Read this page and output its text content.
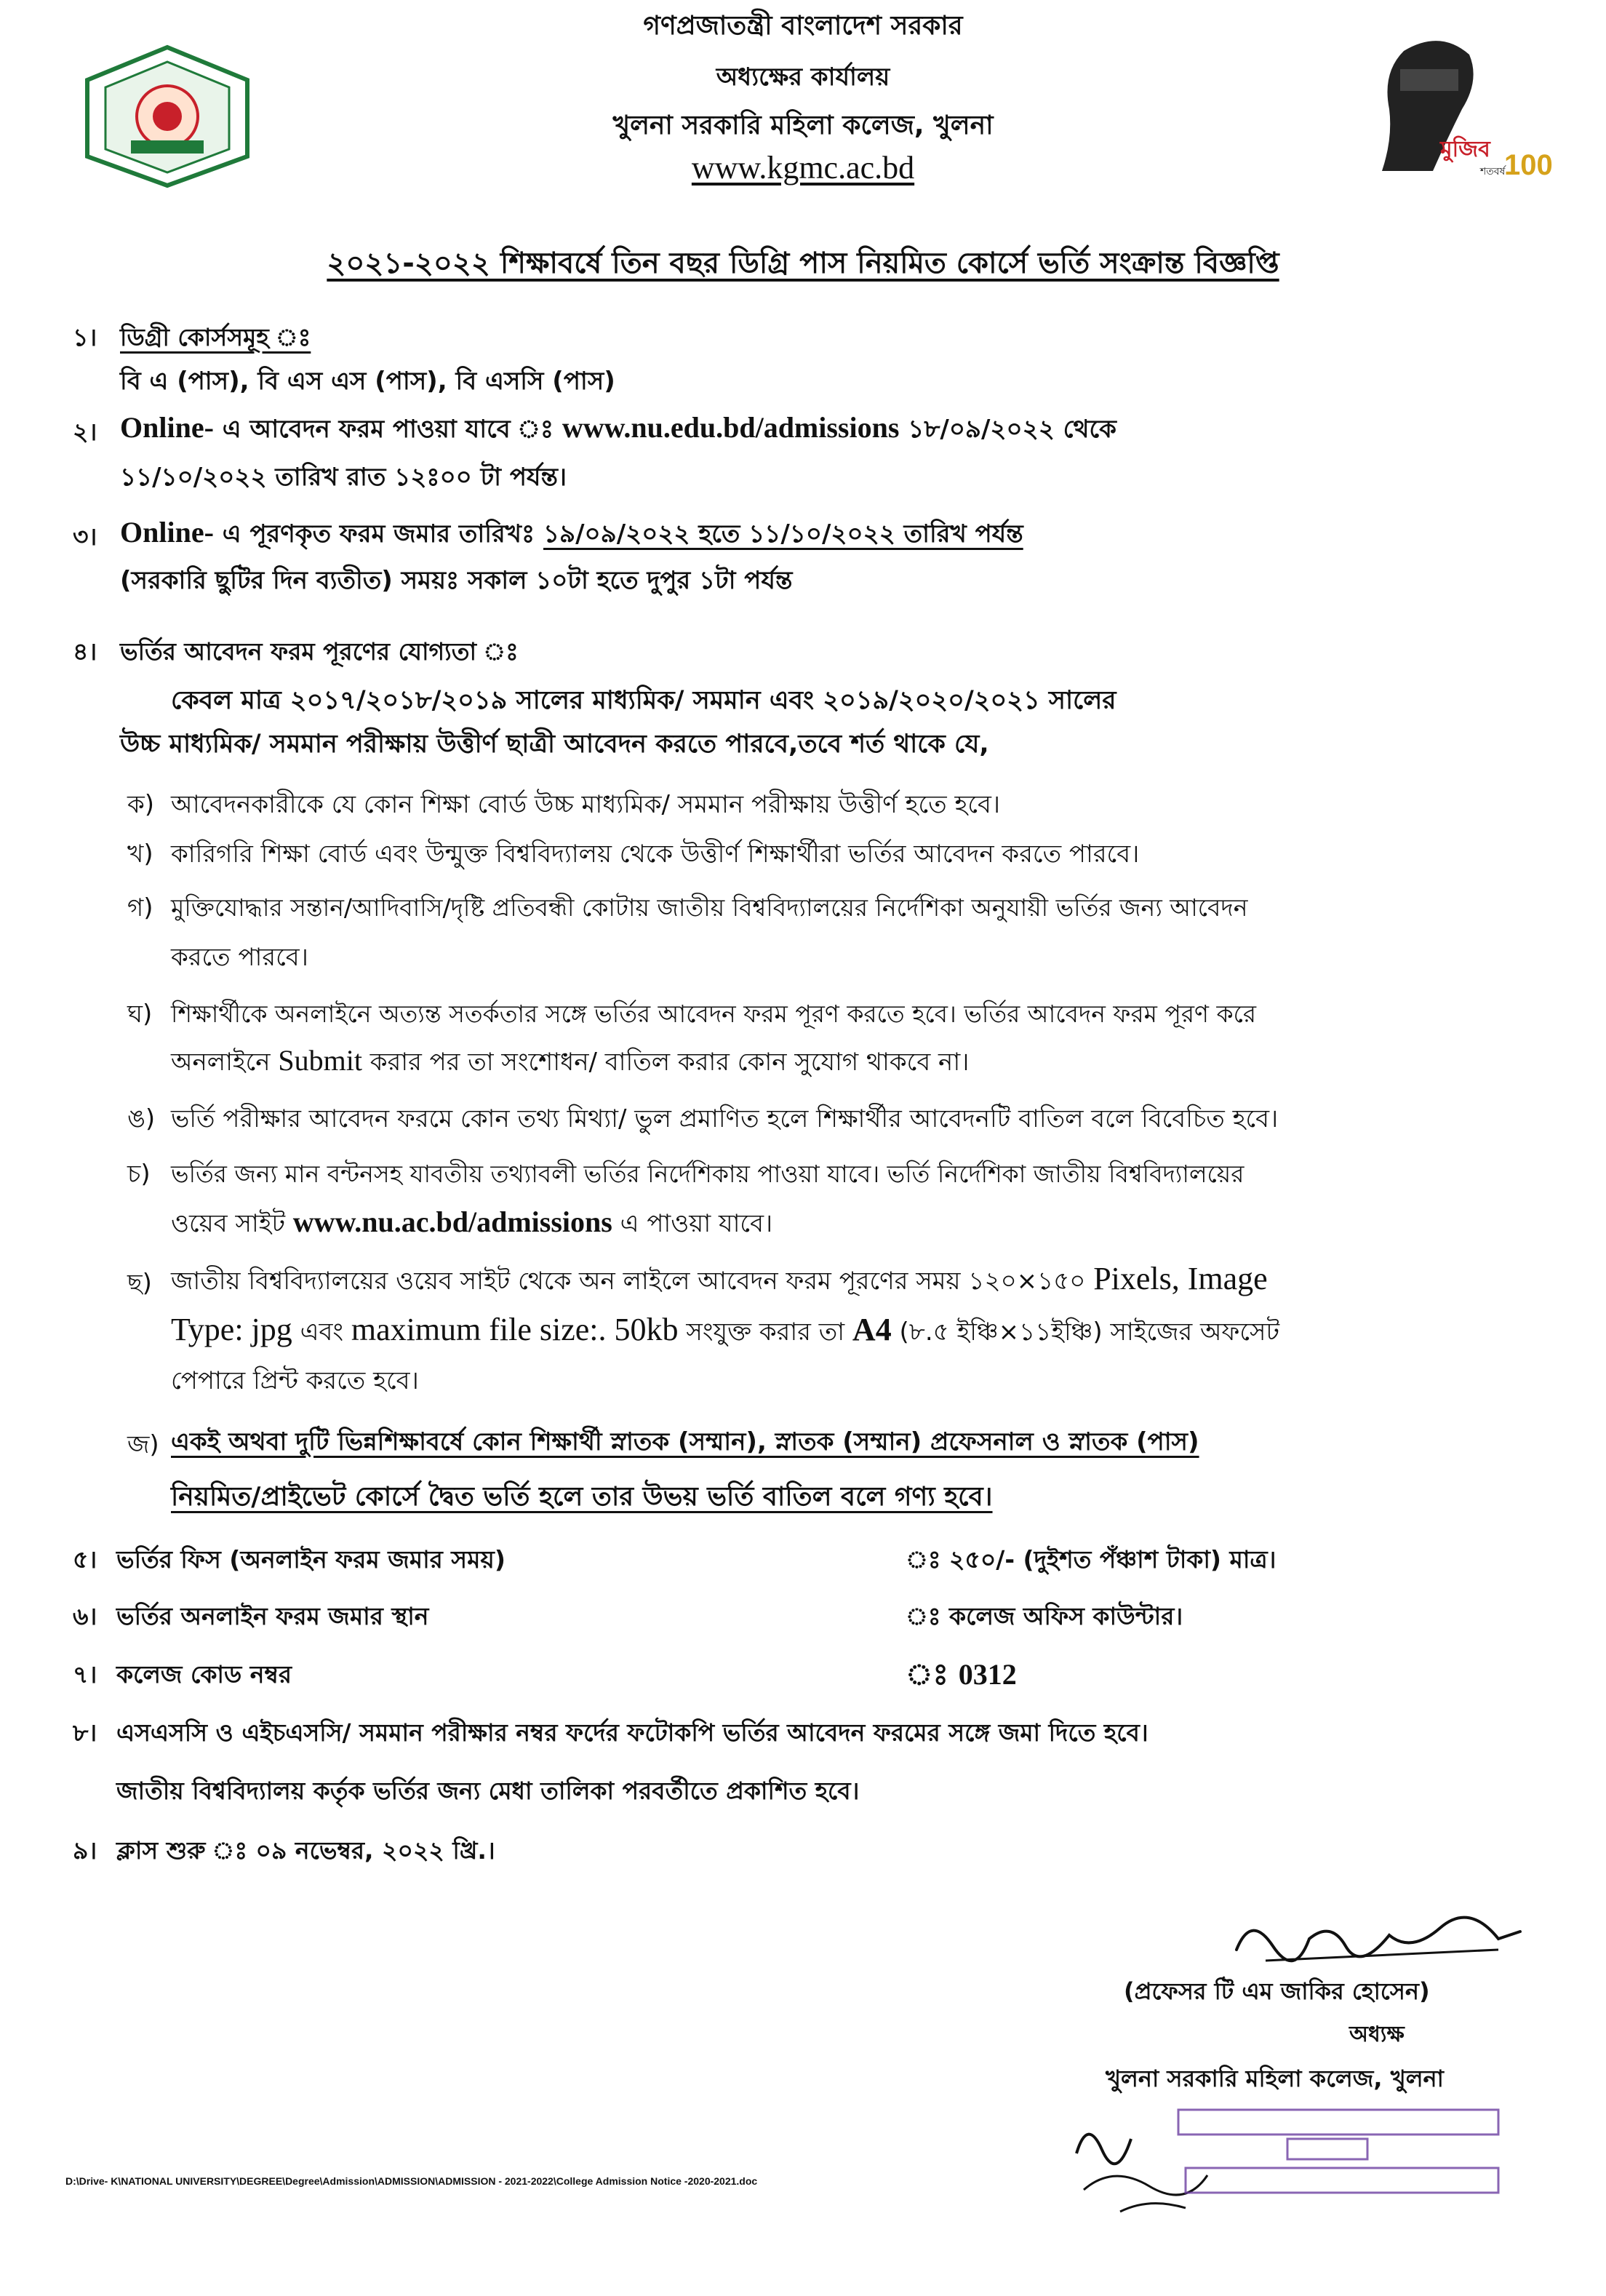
মুজিব
শতবর্ষ
100
গণপ্রজাতন্ত্রী বাংলাদেশ সরকার
অধ্যক্ষের কার্যালয়
খুলনা সরকারি মহিলা কলেজ, খুলনা
www.kgmc.ac.bd
২০২১-২০২২ শিক্ষাবর্ষে তিন বছর ডিগ্রি পাস নিয়মিত কোর্সে ভর্তি সংক্রান্ত বিজ্ঞপ্তি
১। ডিগ্রী কোর্সসমূহ ঃ
বি এ (পাস), বি এস এস (পাস), বি এসসি (পাস)
২। Online- এ আবেদন ফরম পাওয়া যাবে ঃ www.nu.edu.bd/admissions ১৮/০৯/২০২২ থেকে
১১/১০/২০২২ তারিখ রাত ১২ঃ০০ টা পর্যন্ত।
৩। Online- এ পূরণকৃত ফরম জমার তারিখঃ ১৯/০৯/২০২২ হতে ১১/১০/২০২২ তারিখ পর্যন্ত
(সরকারি ছুটির দিন ব্যতীত) সময়ঃ সকাল ১০টা হতে দুপুর ১টা পর্যন্ত
৪। ভর্তির আবেদন ফরম পূরণের যোগ্যতা ঃ
কেবল মাত্র ২০১৭/২০১৮/২০১৯ সালের মাধ্যমিক/ সমমান এবং ২০১৯/২০২০/২০২১ সালের
উচ্চ মাধ্যমিক/ সমমান পরীক্ষায় উত্তীর্ণ ছাত্রী আবেদন করতে পারবে,তবে শর্ত থাকে যে,
ক) আবেদনকারীকে যে কোন শিক্ষা বোর্ড উচ্চ মাধ্যমিক/ সমমান পরীক্ষায় উত্তীর্ণ হতে হবে।
খ) কারিগরি শিক্ষা বোর্ড এবং উন্মুক্ত বিশ্ববিদ্যালয় থেকে উত্তীর্ণ শিক্ষার্থীরা ভর্তির আবেদন করতে পারবে।
গ) মুক্তিযোদ্ধার সন্তান/আদিবাসি/দৃষ্টি প্রতিবন্ধী কোটায় জাতীয় বিশ্ববিদ্যালয়ের নির্দেশিকা অনুযায়ী ভর্তির জন্য আবেদন
করতে পারবে।
ঘ) শিক্ষার্থীকে অনলাইনে অত্যন্ত সতর্কতার সঙ্গে ভর্তির আবেদন ফরম পূরণ করতে হবে। ভর্তির আবেদন ফরম পূরণ করে
অনলাইনে Submit করার পর তা সংশোধন/ বাতিল করার কোন সুযোগ থাকবে না।
ঙ) ভর্তি পরীক্ষার আবেদন ফরমে কোন তথ্য মিথ্যা/ ভুল প্রমাণিত হলে শিক্ষার্থীর আবেদনটি বাতিল বলে বিবেচিত হবে।
চ) ভর্তির জন্য মান বন্টনসহ যাবতীয় তথ্যাবলী ভর্তির নির্দেশিকায় পাওয়া যাবে। ভর্তি নির্দেশিকা জাতীয় বিশ্ববিদ্যালয়ের
ওয়েব সাইট www.nu.ac.bd/admissions এ পাওয়া যাবে।
ছ) জাতীয় বিশ্ববিদ্যালয়ের ওয়েব সাইট থেকে অন লাইলে আবেদন ফরম পূরণের সময় ১২০×১৫০ Pixels, Image
Type: jpg এবং maximum file size:. 50kb সংযুক্ত করার তা A4 (৮.৫ ইঞ্চি×১১ইঞ্চি) সাইজের অফসেট
পেপারে প্রিন্ট করতে হবে।
জ) একই অথবা দুটি ভিন্নশিক্ষাবর্ষে কোন শিক্ষার্থী স্নাতক (সম্মান), স্নাতক (সম্মান) প্রফেসনাল ও স্নাতক (পাস)
নিয়মিত/প্রাইভেট কোর্সে দ্বৈত ভর্তি হলে তার উভয় ভর্তি বাতিল বলে গণ্য হবে।
৫। ভর্তির ফিস (অনলাইন ফরম জমার সময়)	ঃ ২৫০/- (দুইশত পঁঞ্চাশ টাকা) মাত্র।
৬। ভর্তির অনলাইন ফরম জমার স্থান	ঃ কলেজ অফিস কাউন্টার।
৭। কলেজ কোড নম্বর	ঃ 0312
৮। এসএসসি ও এইচএসসি/ সমমান পরীক্ষার নম্বর ফর্দের ফটোকপি ভর্তির আবেদন ফরমের সঙ্গে জমা দিতে হবে।
জাতীয় বিশ্ববিদ্যালয় কর্তৃক ভর্তির জন্য মেধা তালিকা পরবর্তীতে প্রকাশিত হবে।
৯। ক্লাস শুরু ঃ ০৯ নভেম্বর, ২০২২ খ্রি.।
(প্রফেসর টি এম জাকির হোসেন)
অধ্যক্ষ
খুলনা সরকারি মহিলা কলেজ, খুলনা
D:\Drive- K\NATIONAL UNIVERSITY\DEGREE\Degree\Admission\ADMISSION\ADMISSION - 2021-2022\College Admission Notice -2020-2021.doc
